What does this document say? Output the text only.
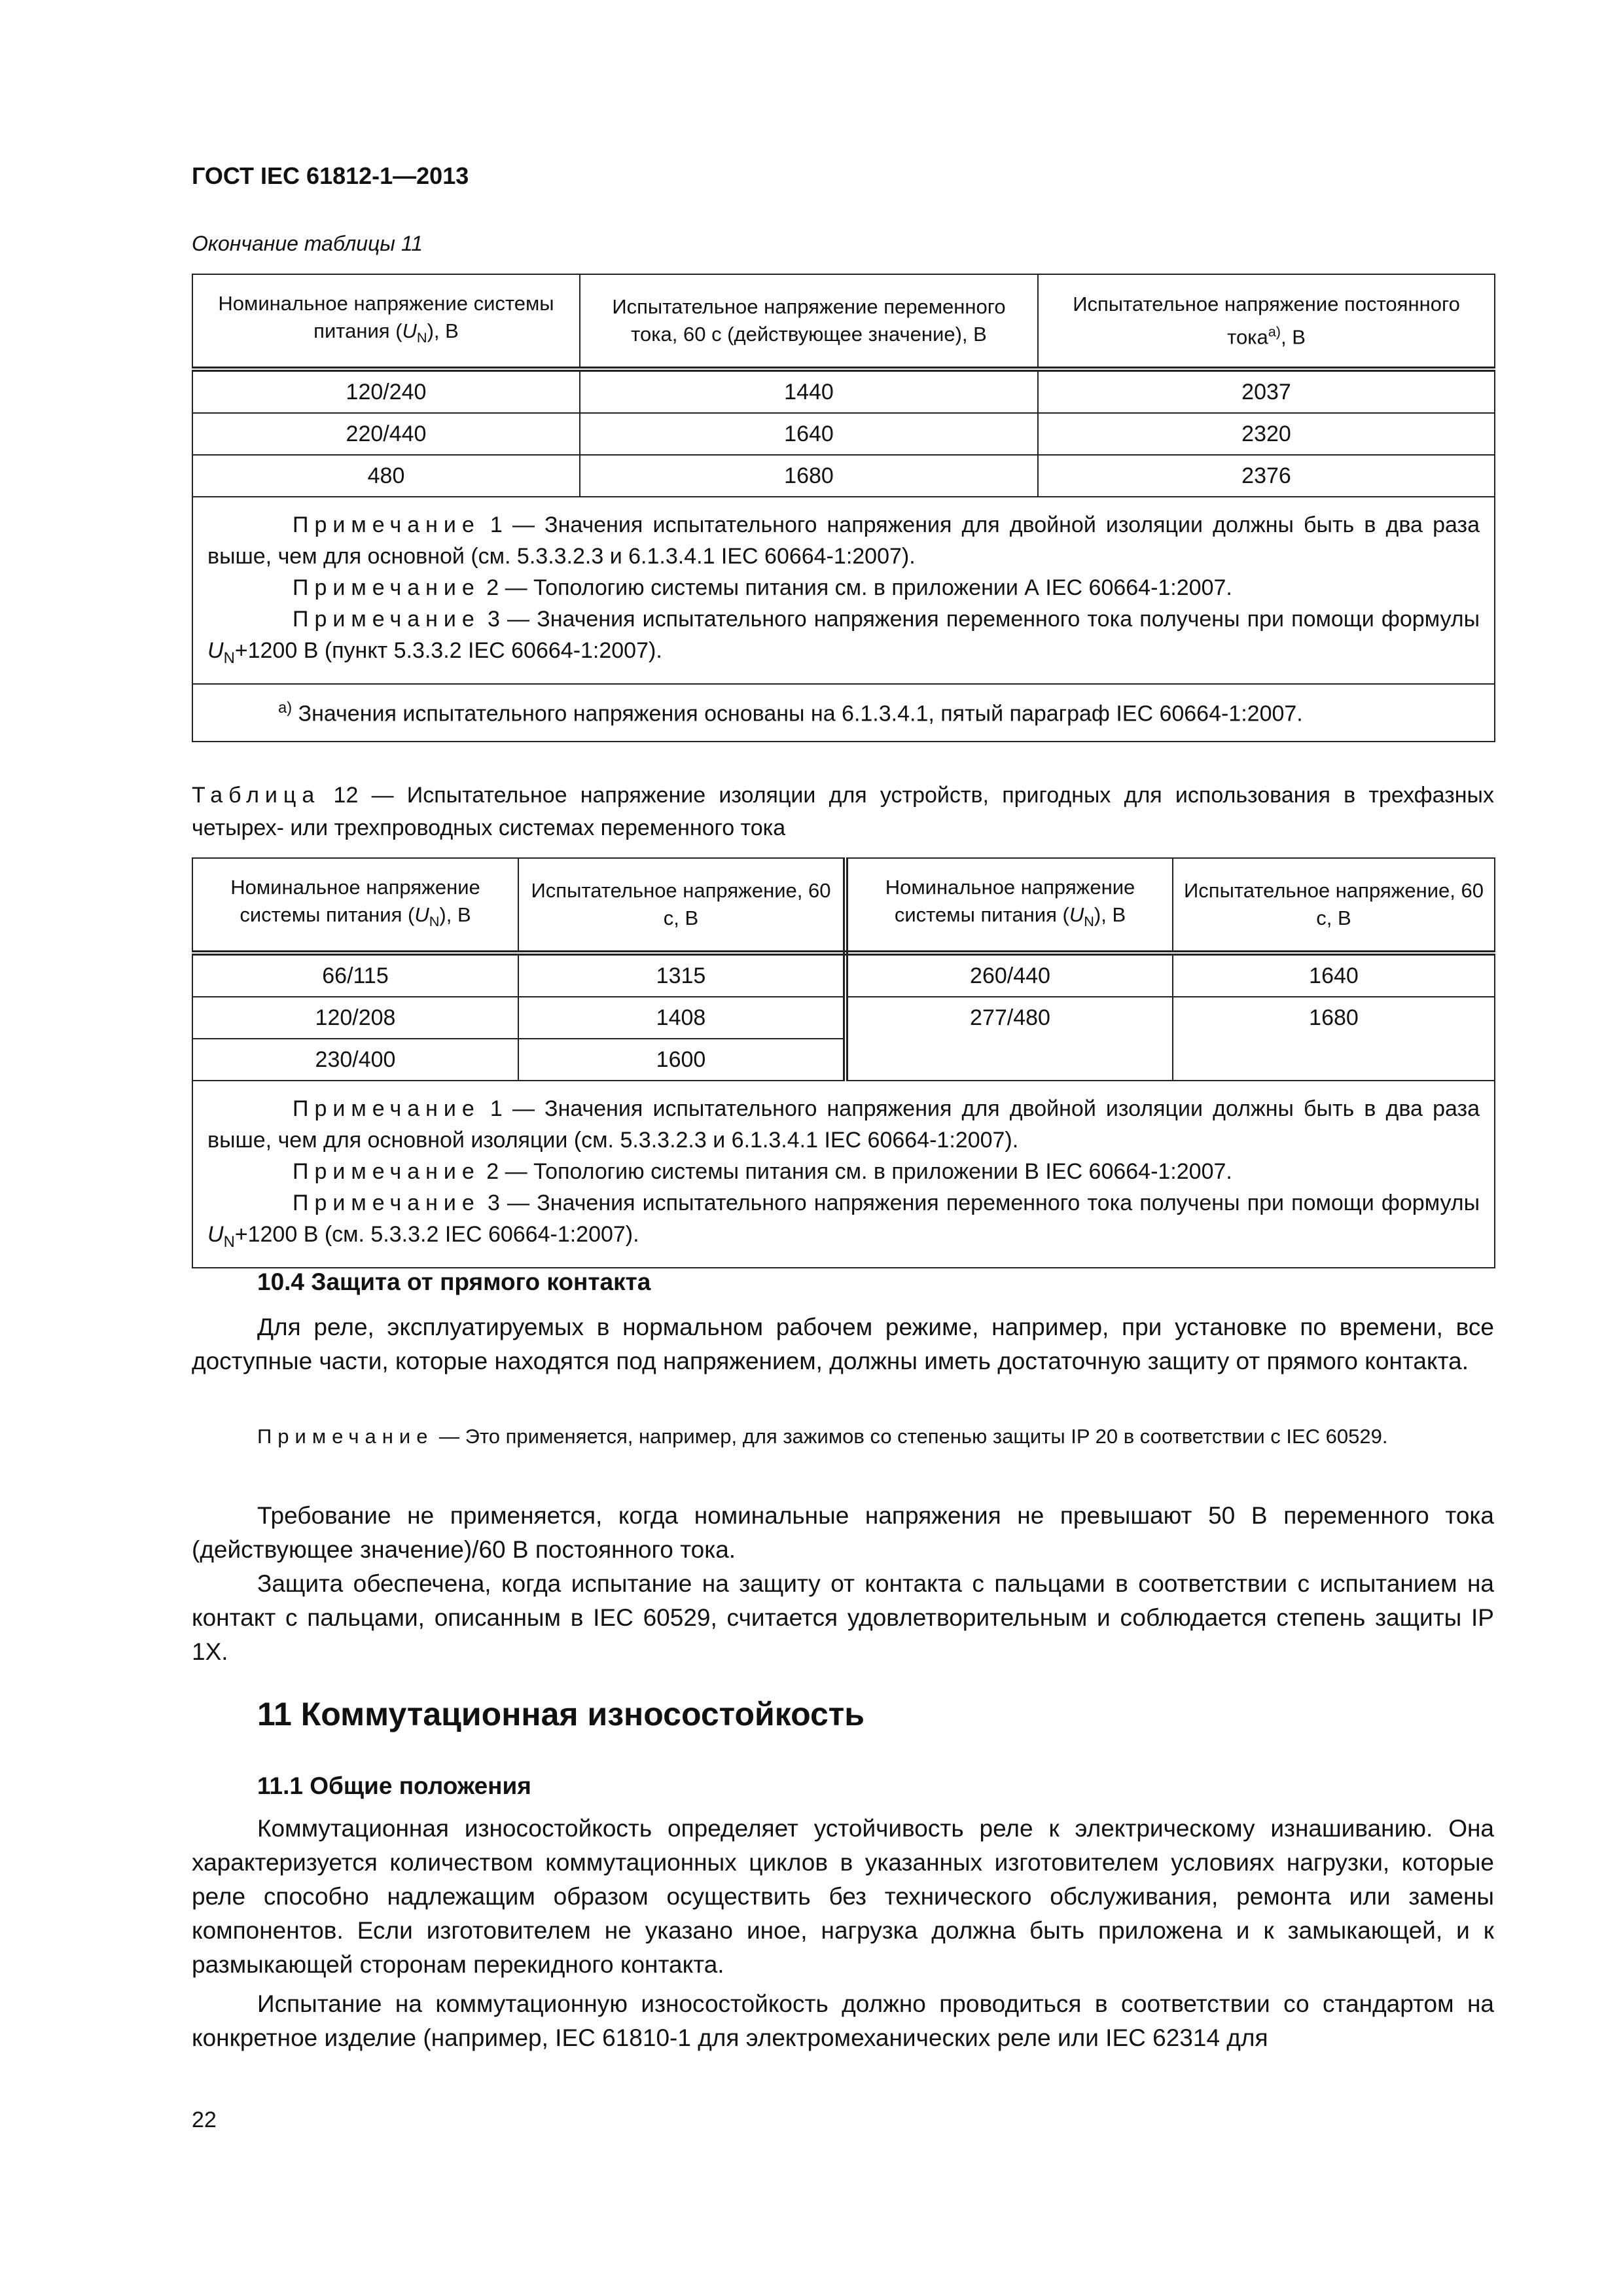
ГОСТ IEC 61812-1—2013
Окончание таблицы 11
Номинальное напряжение системы питания $(U_N)$, В	Испытательное напряжение переменного тока, 60 с (действующее значение), В	Испытательное напряжение постоянного тока$^{а)}$, В
120/240	1440	2037
220/440	1640	2320
480	1680	2376

Примечание 1 — Значения испытательного напряжения для двойной изоляции должны быть в два раза выше, чем для основной (см. 5.3.3.2.3 и 6.1.3.4.1 IEC 60664-1:2007).

Примечание 2 — Топологию системы питания см. в приложении А IEC 60664-1:2007.

Примечание 3 — Значения испытательного напряжения переменного тока получены при помощи формулы $U_N+1200$ В (пункт 5.3.3.2 IEC 60664-1:2007).		

$^{а)}$ Значения испытательного напряжения основаны на 6.1.3.4.1, пятый параграф IEC 60664-1:2007.		
Таблица 12 — Испытательное напряжение изоляции для устройств, пригодных для использования в трехфазных четырех- или трехпроводных системах переменного тока
Номинальное напряжение системы питания $(U_N)$, В	Испытательное напряжение, 60 с, В	Номинальное напряжение системы питания $(U_N)$, В	Испытательное напряжение, 60 с, В
66/115	1315	260/440	1640
120/208	1408	277/480	1680
230/400	1600		

Примечание 1 — Значения испытательного напряжения для двойной изоляции должны быть в два раза выше, чем для основной изоляции (см. 5.3.3.2.3 и 6.1.3.4.1 IEC 60664-1:2007).

Примечание 2 — Топологию системы питания см. в приложении В IEC 60664-1:2007.

Примечание 3 — Значения испытательного напряжения переменного тока получены при помощи формулы $U_N+1200$ В (см. 5.3.3.2 IEC 60664-1:2007).			

10.4 Защита от прямого контакта

Для реле, эксплуатируемых в нормальном рабочем режиме, например, при установке по времени, все доступные части, которые находятся под напряжением, должны иметь достаточную защиту от прямого контакта.

Примечание — Это применяется, например, для зажимов со степенью защиты IP 20 в соответствии с IEC 60529.

Требование не применяется, когда номинальные напряжения не превышают 50 В переменного тока (действующее значение)/60 В постоянного тока.

Защита обеспечена, когда испытание на защиту от контакта с пальцами в соответствии с испытанием на контакт с пальцами, описанным в IEC 60529, считается удовлетворительным и соблюдается степень защиты IP 1X.

11 Коммутационная износостойкость
11.1 Общие положения

Коммутационная износостойкость определяет устойчивость реле к электрическому изнашиванию. Она характеризуется количеством коммутационных циклов в указанных изготовителем условиях нагрузки, которые реле способно надлежащим образом осуществить без технического обслуживания, ремонта или замены компонентов. Если изготовителем не указано иное, нагрузка должна быть приложена и к замыкающей, и к размыкающей сторонам перекидного контакта.

Испытание на коммутационную износостойкость должно проводиться в соответствии со стандартом на конкретное изделие (например, IEC 61810-1 для электромеханических реле или IEC 62314 для

22
